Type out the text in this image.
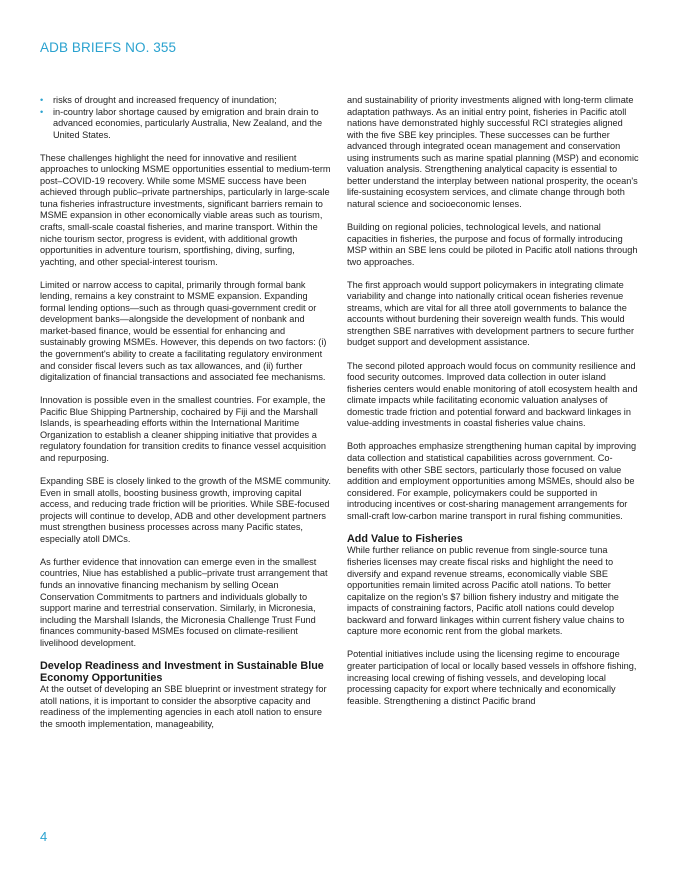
ADB BRIEFS NO. 355
• risks of drought and increased frequency of inundation;
• in-country labor shortage caused by emigration and brain drain to advanced economies, particularly Australia, New Zealand, and the United States.

These challenges highlight the need for innovative and resilient approaches to unlocking MSME opportunities essential to medium-term post–COVID-19 recovery. While some MSME success have been achieved through public–private partnerships, particularly in large-scale tuna fisheries infrastructure investments, significant barriers remain to MSME expansion in other economically viable areas such as tourism, crafts, small-scale coastal fisheries, and marine transport. Within the niche tourism sector, progress is evident, with additional growth opportunities in adventure tourism, sportfishing, diving, surfing, yachting, and other special-interest tourism.

Limited or narrow access to capital, primarily through formal bank lending, remains a key constraint to MSME expansion. Expanding formal lending options—such as through quasi-government credit or development banks—alongside the development of nonbank and market-based finance, would be essential for enhancing and sustainably growing MSMEs. However, this depends on two factors: (i) the government's ability to create a facilitating regulatory environment and consider fiscal levers such as tax allowances, and (ii) further digitalization of financial transactions and associated fee mechanisms.

Innovation is possible even in the smallest countries. For example, the Pacific Blue Shipping Partnership, cochaired by Fiji and the Marshall Islands, is spearheading efforts within the International Maritime Organization to establish a cleaner shipping initiative that provides a regulatory foundation for transition credits to finance vessel acquisition and repurposing.

Expanding SBE is closely linked to the growth of the MSME community. Even in small atolls, boosting business growth, improving capital access, and reducing trade friction will be priorities. While SBE-focused projects will continue to develop, ADB and other development partners must strengthen business processes across many Pacific states, especially atoll DMCs.

As further evidence that innovation can emerge even in the smallest countries, Niue has established a public–private trust arrangement that funds an innovative financing mechanism by selling Ocean Conservation Commitments to partners and individuals globally to support marine and terrestrial conservation. Similarly, in Micronesia, including the Marshall Islands, the Micronesia Challenge Trust Fund finances community-based MSMEs focused on climate-resilient livelihood development.

Develop Readiness and Investment in Sustainable Blue Economy Opportunities

At the outset of developing an SBE blueprint or investment strategy for atoll nations, it is important to consider the absorptive capacity and readiness of the implementing agencies in each atoll nation to ensure the smooth implementation, manageability,

and sustainability of priority investments aligned with long-term climate adaptation pathways. As an initial entry point, fisheries in Pacific atoll nations have demonstrated highly successful RCI strategies aligned with the five SBE key principles. These successes can be further advanced through integrated ocean management and conservation using instruments such as marine spatial planning (MSP) and economic valuation analysis. Strengthening analytical capacity is essential to better understand the interplay between national prosperity, the ocean's life-sustaining ecosystem services, and climate change through both natural science and socioeconomic lenses.

Building on regional policies, technological levels, and national capacities in fisheries, the purpose and focus of formally introducing MSP within an SBE lens could be piloted in Pacific atoll nations through two approaches.

The first approach would support policymakers in integrating climate variability and change into nationally critical ocean fisheries revenue streams, which are vital for all three atoll governments to balance the accounts without burdening their sovereign wealth funds. This would strengthen SBE narratives with development partners to secure further budget support and development assistance.

The second piloted approach would focus on community resilience and food security outcomes. Improved data collection in outer island fisheries centers would enable monitoring of atoll ecosystem health and climate impacts while facilitating economic valuation analyses of domestic trade friction and potential forward and backward linkages in value-adding investments in coastal fisheries value chains.

Both approaches emphasize strengthening human capital by improving data collection and statistical capabilities across government. Co-benefits with other SBE sectors, particularly those focused on value addition and employment opportunities among MSMEs, should also be considered. For example, policymakers could be supported in introducing incentives or cost-sharing management arrangements for small-craft low-carbon marine transport in rural fishing communities.

Add Value to Fisheries

While further reliance on public revenue from single-source tuna fisheries licenses may create fiscal risks and highlight the need to diversify and expand revenue streams, economically viable SBE opportunities remain limited across Pacific atoll nations. To better capitalize on the region's $7 billion fishery industry and mitigate the impacts of constraining factors, Pacific atoll nations could develop backward and forward linkages within current fishery value chains to capture more economic rent from the global markets.

Potential initiatives include using the licensing regime to encourage greater participation of local or locally based vessels in offshore fishing, increasing local crewing of fishing vessels, and developing local processing capacity for export where technically and economically feasible. Strengthening a distinct Pacific brand

4
